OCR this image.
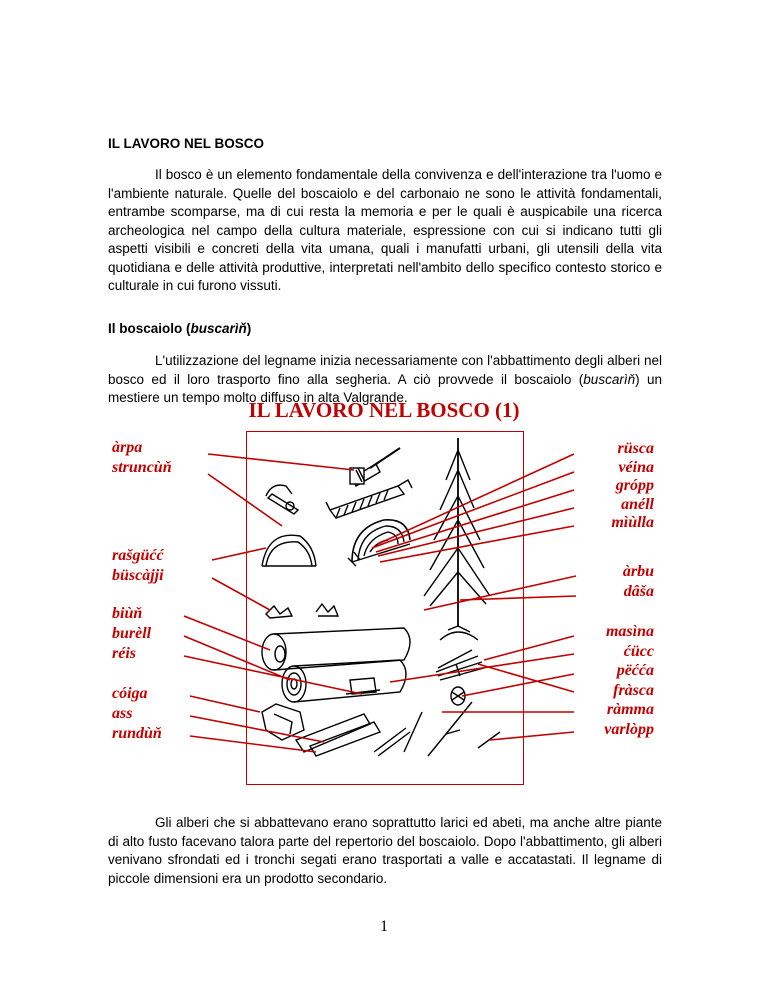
IL LAVORO NEL BOSCO

Il bosco è un elemento fondamentale della convivenza e dell'interazione tra l'uomo e l'ambiente naturale. Quelle del boscaiolo e del carbonaio ne sono le attività fondamentali, entrambe scomparse, ma di cui resta la memoria e per le quali è auspicabile una ricerca archeologica nel campo della cultura materiale, espressione con cui si indicano tutti gli aspetti visibili e concreti della vita umana, quali i manufatti urbani, gli utensili della vita quotidiana e delle attività produttive, interpretati nell'ambito dello specifico contesto storico e culturale in cui furono vissuti.

Il boscaiolo (buscarìň)

L'utilizzazione del legname inizia necessariamente con l'abbattimento degli alberi nel bosco ed il loro trasporto fino alla segheria. A ciò provvede il boscaiolo (buscarìň) un mestiere un tempo molto diffuso in alta Valgrande.

IL LAVORO NEL BOSCO (1)

àrpa
struncùň
rašgüćć
büscàjji
biùň
burèll
réis
cóiga
ass
rundùň
rüsca
véina
grópp
anéll
mìùlla
àrbu
dâša
masìna
ćücc
pëćća
fràsca
ràmma
varlòpp

Gli alberi che si abbattevano erano soprattutto larici ed abeti, ma anche altre piante di alto fusto facevano talora parte del repertorio del boscaiolo. Dopo l'abbattimento, gli alberi venivano sfrondati ed i tronchi segati erano trasportati a valle e accatastati. Il legname di piccole dimensioni era un prodotto secondario.

1
